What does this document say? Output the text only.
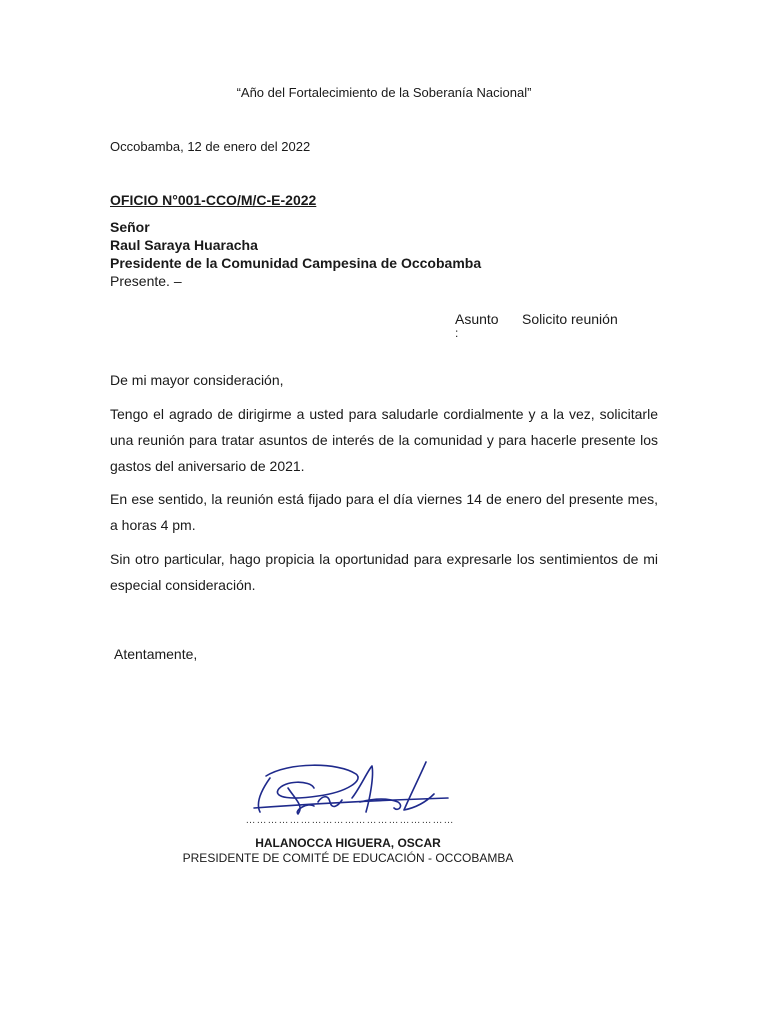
“Año del Fortalecimiento de la Soberanía Nacional”
Occobamba, 12 de enero del 2022
OFICIO N°001-CCO/M/C-E-2022
Señor
Raul Saraya Huaracha
Presidente de la Comunidad Campesina de Occobamba
Presente. –
Asunto
:
Solicito reunión
De mi mayor consideración,
Tengo el agrado de dirigirme a usted para saludarle cordialmente y a la vez, solicitarle una reunión para tratar asuntos de interés de la comunidad y para hacerle presente los gastos del aniversario de 2021.
En ese sentido, la reunión está fijado para el día viernes 14 de enero del presente mes, a horas 4 pm.
Sin otro particular, hago propicia la oportunidad para expresarle los sentimientos de mi especial consideración.
Atentamente,
…………………………………………………
HALANOCCA HIGUERA, OSCAR
PRESIDENTE DE COMITÉ DE EDUCACIÓN - OCCOBAMBA
